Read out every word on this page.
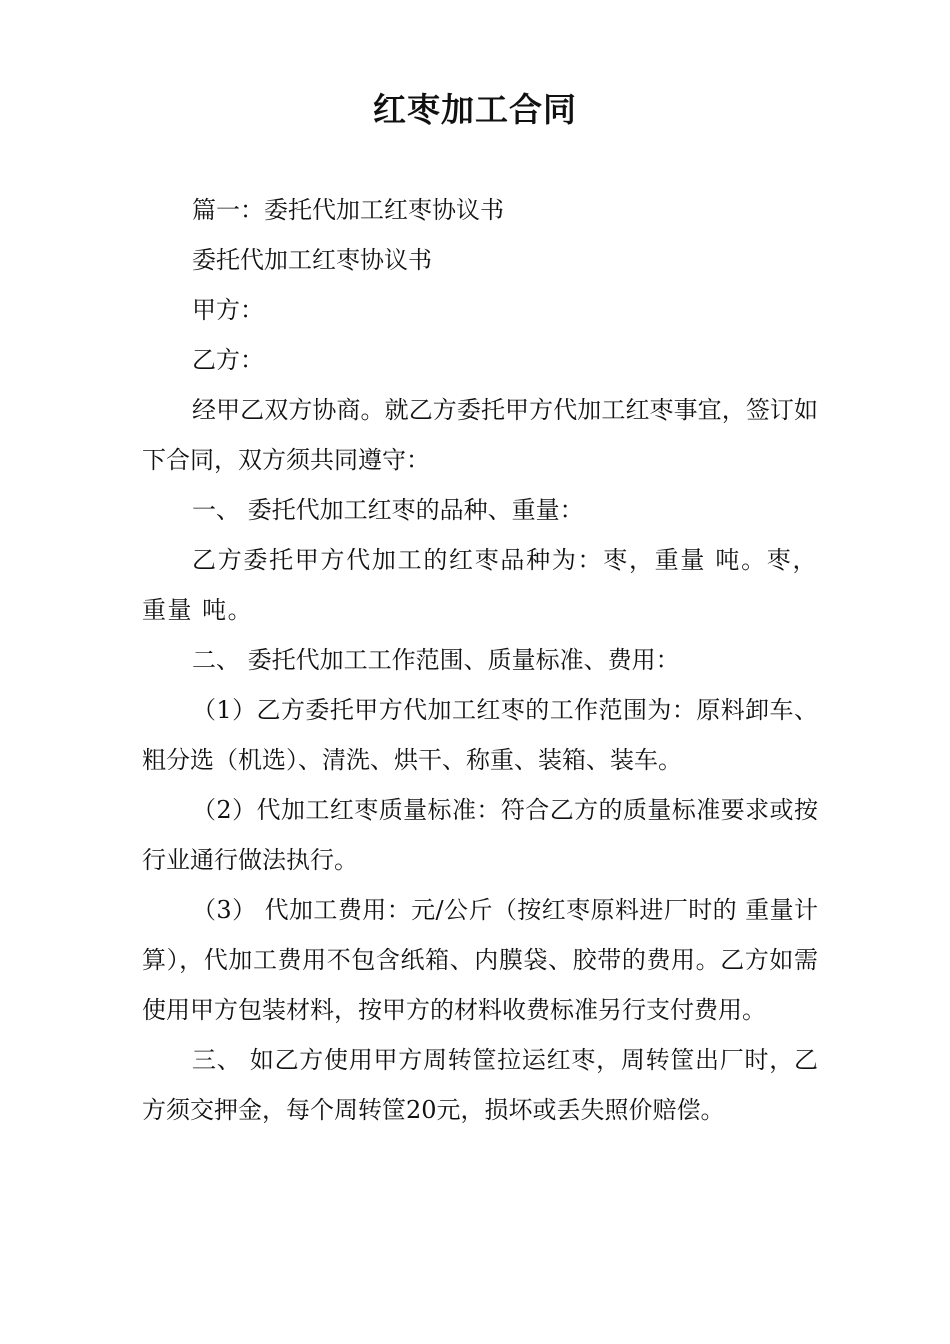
红枣加工合同

篇一：委托代加工红枣协议书

委托代加工红枣协议书

甲方：

乙方：

经甲乙双方协商。就乙方委托甲方代加工红枣事宜，签订如下合同，双方须共同遵守：

一、 委托代加工红枣的品种、重量：

乙方委托甲方代加工的红枣品种为：枣，重量 吨。枣，重量 吨。

二、 委托代加工工作范围、质量标准、费用：

（1）乙方委托甲方代加工红枣的工作范围为：原料卸车、粗分选（机选）、清洗、烘干、称重、装箱、装车。

（2）代加工红枣质量标准：符合乙方的质量标准要求或按行业通行做法执行。

（3） 代加工费用：元/公斤（按红枣原料进厂时的 重量计算），代加工费用不包含纸箱、内膜袋、胶带的费用。乙方如需使用甲方包装材料，按甲方的材料收费标准另行支付费用。

三、 如乙方使用甲方周转筐拉运红枣，周转筐出厂时，乙方须交押金，每个周转筐20元，损坏或丢失照价赔偿。
